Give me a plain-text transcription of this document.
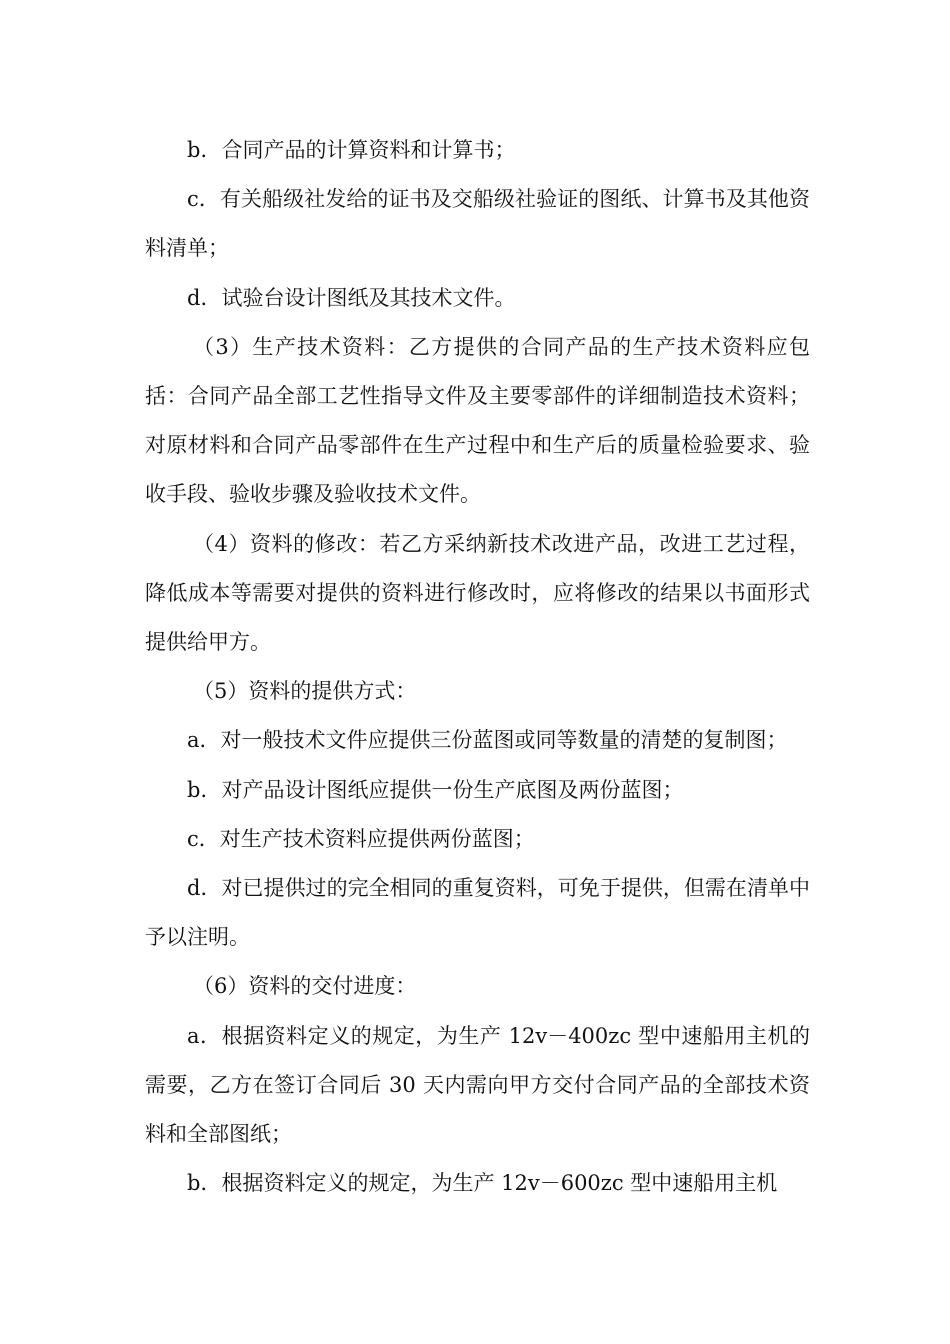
b．合同产品的计算资料和计算书；

c．有关船级社发给的证书及交船级社验证的图纸、计算书及其他资料清单；

d．试验台设计图纸及其技术文件。

（3）生产技术资料：乙方提供的合同产品的生产技术资料应包括：合同产品全部工艺性指导文件及主要零部件的详细制造技术资料；对原材料和合同产品零部件在生产过程中和生产后的质量检验要求、验收手段、验收步骤及验收技术文件。

（4）资料的修改：若乙方采纳新技术改进产品，改进工艺过程，降低成本等需要对提供的资料进行修改时，应将修改的结果以书面形式提供给甲方。

（5）资料的提供方式：

a．对一般技术文件应提供三份蓝图或同等数量的清楚的复制图；

b．对产品设计图纸应提供一份生产底图及两份蓝图；

c．对生产技术资料应提供两份蓝图；

d．对已提供过的完全相同的重复资料，可免于提供，但需在清单中予以注明。

（6）资料的交付进度：

a．根据资料定义的规定，为生产 12v－400zc 型中速船用主机的需要，乙方在签订合同后 30 天内需向甲方交付合同产品的全部技术资料和全部图纸；

b．根据资料定义的规定，为生产 12v－600zc 型中速船用主机
